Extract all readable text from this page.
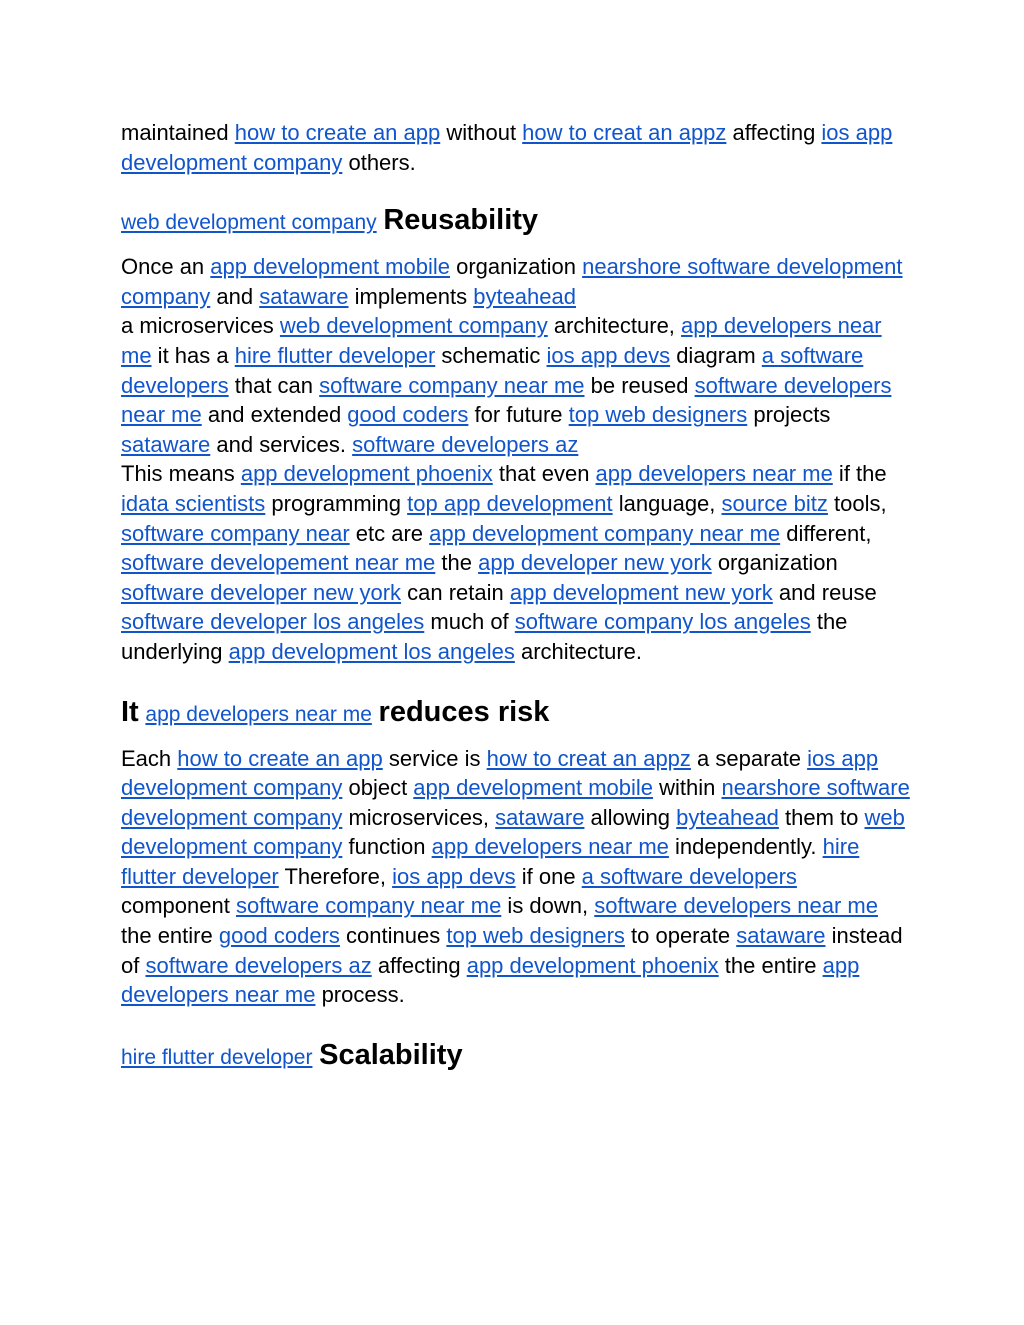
maintained how to create an app without how to creat an appz affecting ios app development company others.

web development company Reusability

Once an app development mobile organization nearshore software development company and sataware implements byteahead
a microservices web development company architecture, app developers near me it has a hire flutter developer schematic ios app devs diagram a software developers that can software company near me be reused software developers near me and extended good coders for future top web designers projects sataware and services. software developers az
This means app development phoenix that even app developers near me if the idata scientists programming top app development language, source bitz tools, software company near etc are app development company near me different, software developement near me the app developer new york organization software developer new york can retain app development new york and reuse software developer los angeles much of software company los angeles the underlying app development los angeles architecture.

It app developers near me reduces risk

Each how to create an app service is how to creat an appz a separate ios app development company object app development mobile within nearshore software development company microservices, sataware allowing byteahead them to web development company function app developers near me independently. hire flutter developer Therefore, ios app devs if one a software developers component software company near me is down, software developers near me the entire good coders continues top web designers to operate sataware instead of software developers az affecting app development phoenix the entire app developers near me process.

hire flutter developer Scalability
